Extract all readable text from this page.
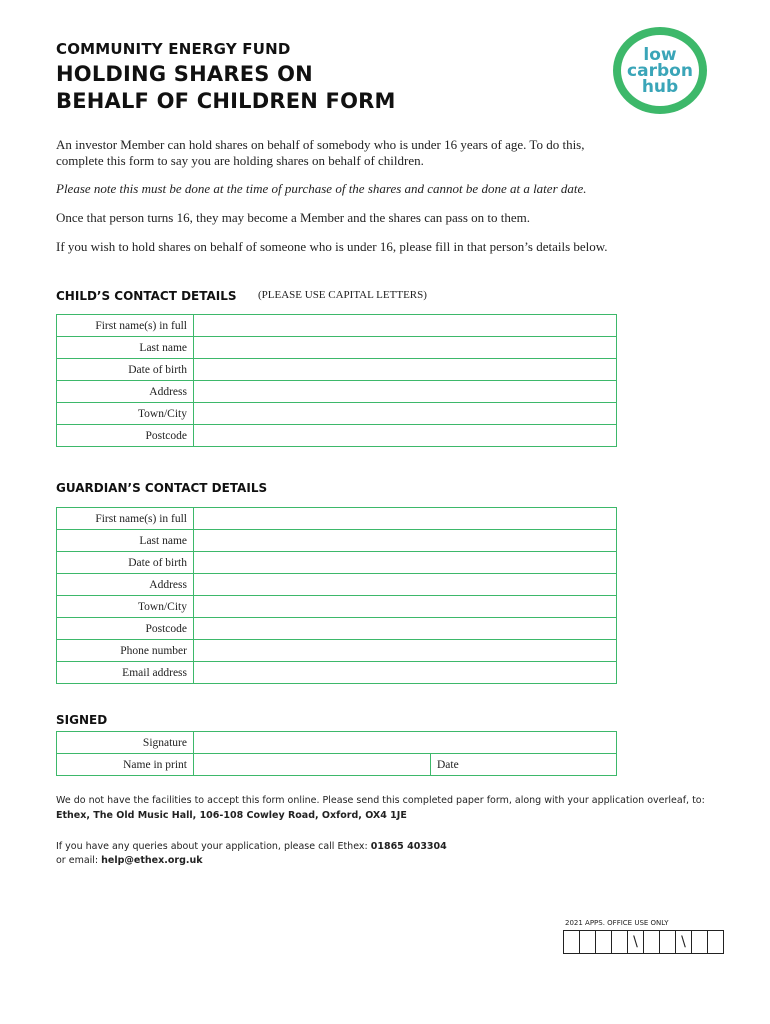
COMMUNITY ENERGY FUND
HOLDING SHARES ON
BEHALF OF CHILDREN FORM
low
carbon
hub
An investor Member can hold shares on behalf of somebody who is under 16 years of age. To do this,
complete this form to say you are holding shares on behalf of children.
Please note this must be done at the time of purchase of the shares and cannot be done at a later date.
Once that person turns 16, they may become a Member and the shares can pass on to them.
If you wish to hold shares on behalf of someone who is under 16, please fill in that person’s details below.
CHILD’S CONTACT DETAILS (PLEASE USE CAPITAL LETTERS)
First name(s) in full	
Last name	
Date of birth	
Address	
Town/City	
Postcode	
GUARDIAN’S CONTACT DETAILS
First name(s) in full	
Last name	
Date of birth	
Address	
Town/City	
Postcode	
Phone number	
Email address	
SIGNED
Signature		
Name in print		Date
We do not have the facilities to accept this form online. Please send this completed paper form, along with your application overleaf, to:
Ethex, The Old Music Hall, 106-108 Cowley Road, Oxford, OX4 1JE
If you have any queries about your application, please call Ethex: 01865 403304
or email: help@ethex.org.uk
2021 APPS. OFFICE USE ONLY
\	\
